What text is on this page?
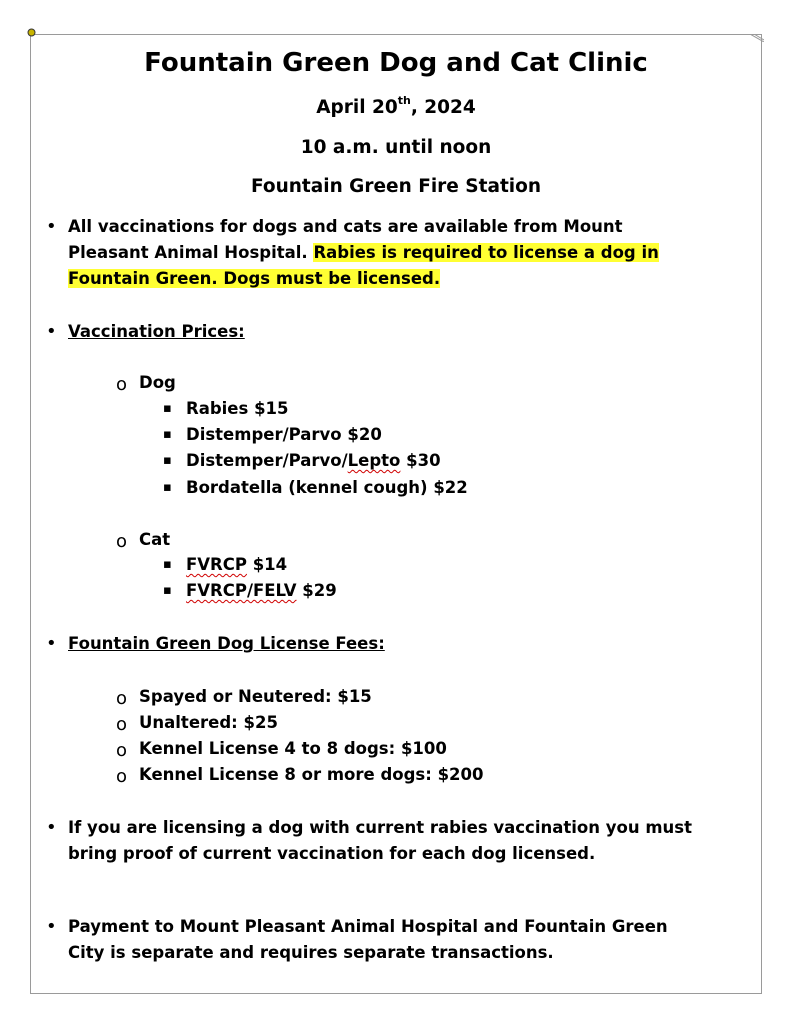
Fountain Green Dog and Cat Clinic
April 20th, 2024
10 a.m. until noon
Fountain Green Fire Station
• All vaccinations for dogs and cats are available from Mount
Pleasant Animal Hospital. Rabies is required to license a dog in
Fountain Green. Dogs must be licensed.
• Vaccination Prices:
o Dog
▪ Rabies $15
▪ Distemper/Parvo $20
▪ Distemper/Parvo/Lepto $30
▪ Bordatella (kennel cough) $22
o Cat
▪ FVRCP $14
▪ FVRCP/FELV $29
• Fountain Green Dog License Fees:
o Spayed or Neutered: $15
o Unaltered: $25
o Kennel License 4 to 8 dogs: $100
o Kennel License 8 or more dogs: $200
• If you are licensing a dog with current rabies vaccination you must
bring proof of current vaccination for each dog licensed.
• Payment to Mount Pleasant Animal Hospital and Fountain Green
City is separate and requires separate transactions.
